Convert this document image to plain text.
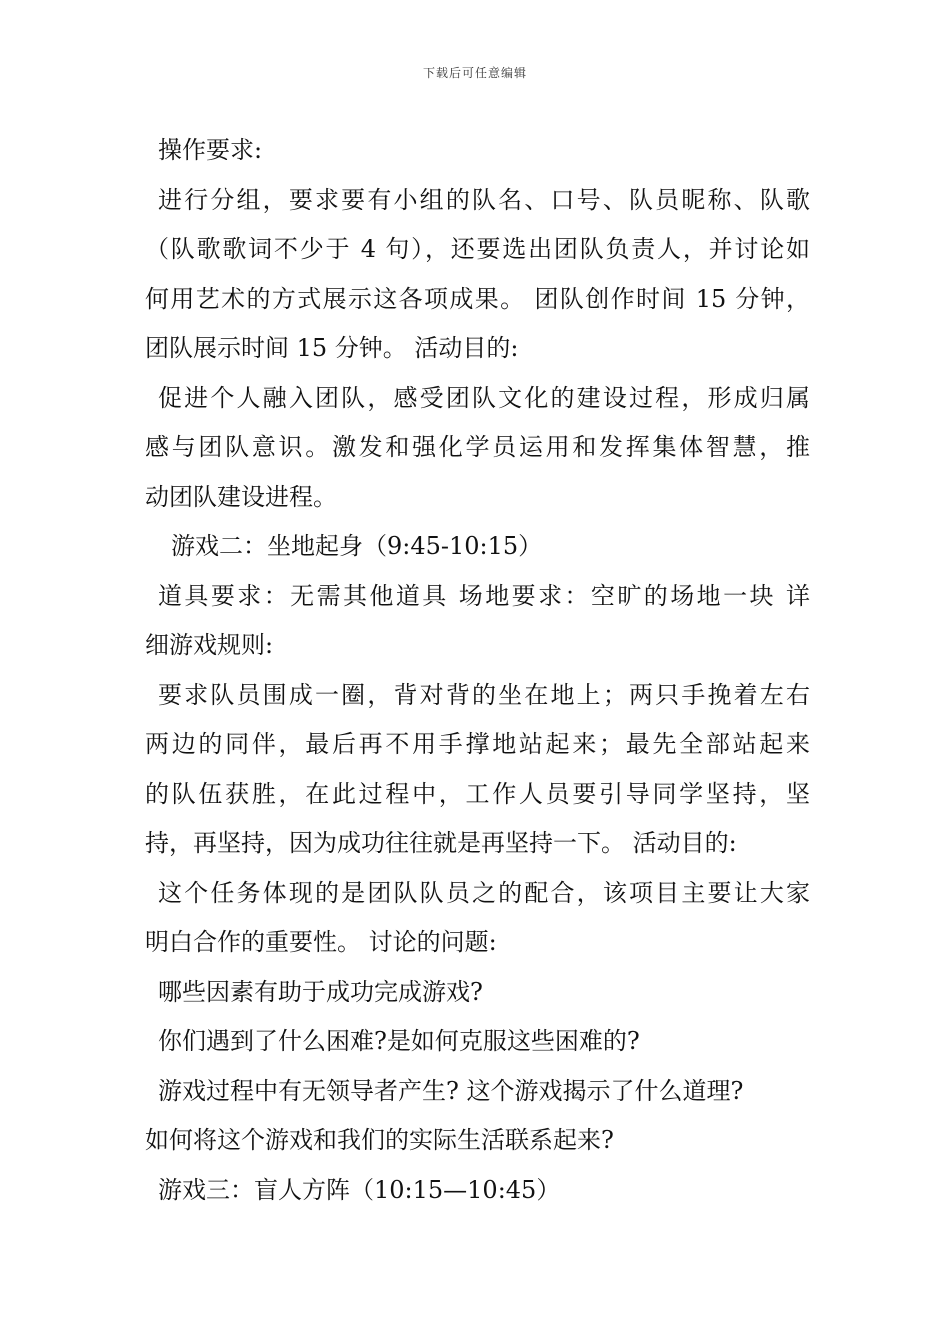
下载后可任意编辑
操作要求:
进行分组，要求要有小组的队名、口号、队员昵称、队歌
（队歌歌词不少于 4 句），还要选出团队负责人，并讨论如
何用艺术的方式展示这各项成果。 团队创作时间 15 分钟，
团队展示时间 15 分钟。 活动目的:
促进个人融入团队，感受团队文化的建设过程，形成归属
感与团队意识。激发和强化学员运用和发挥集体智慧，推
动团队建设进程。
游戏二：坐地起身（9:45-10:15）
道具要求：无需其他道具 场地要求：空旷的场地一块 详
细游戏规则:
要求队员围成一圈，背对背的坐在地上；两只手挽着左右
两边的同伴，最后再不用手撑地站起来；最先全部站起来
的队伍获胜，在此过程中，工作人员要引导同学坚持，坚
持，再坚持，因为成功往往就是再坚持一下。 活动目的:
这个任务体现的是团队队员之的配合，该项目主要让大家
明白合作的重要性。 讨论的问题:
哪些因素有助于成功完成游戏?
你们遇到了什么困难?是如何克服这些困难的?
游戏过程中有无领导者产生? 这个游戏揭示了什么道理?
如何将这个游戏和我们的实际生活联系起来?
游戏三：盲人方阵（10:15—10:45）
